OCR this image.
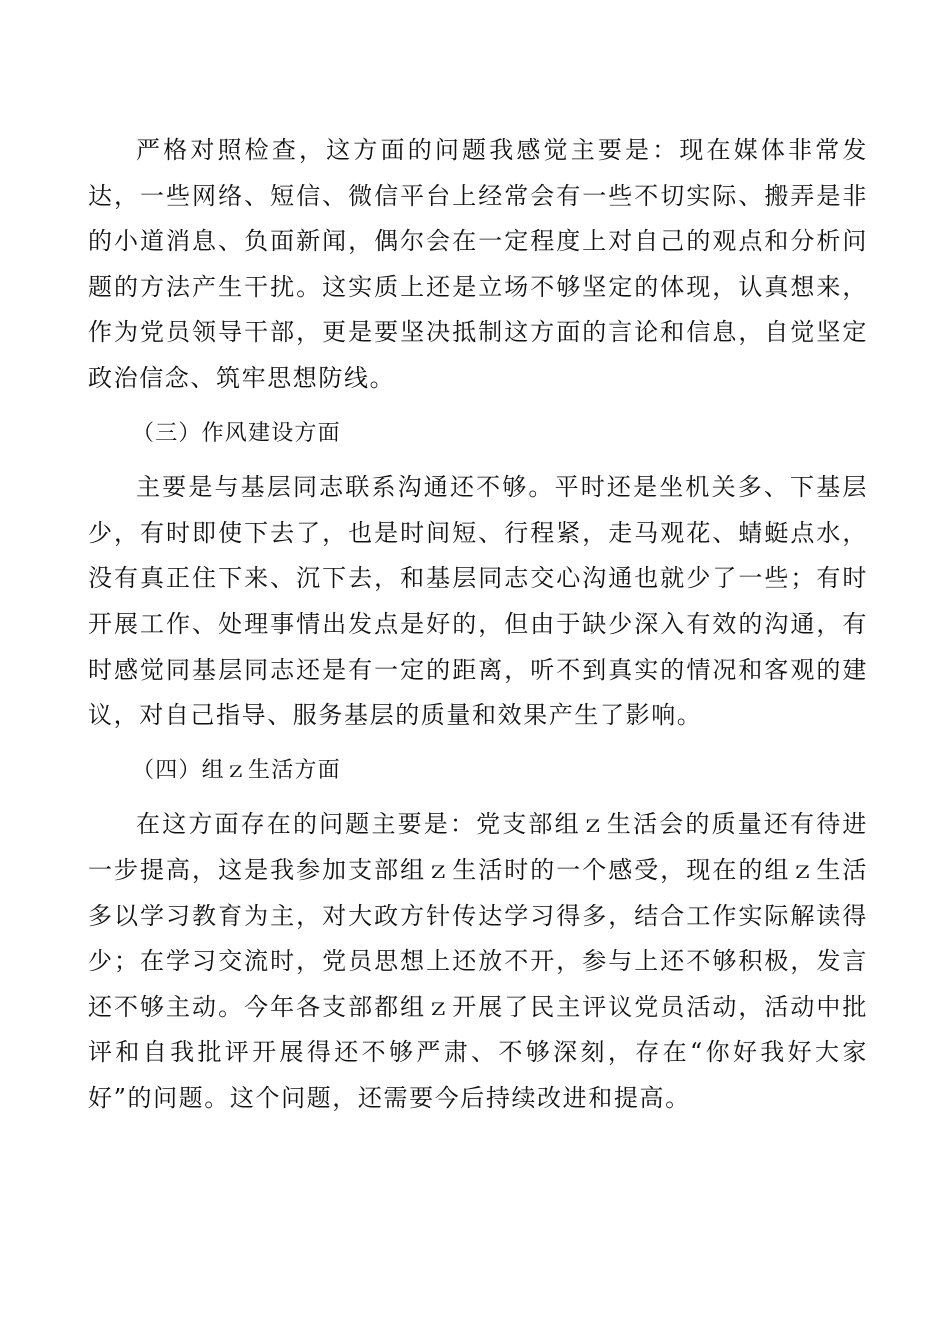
严格对照检查，这方面的问题我感觉主要是：现在媒体非常发达，一些网络、短信、微信平台上经常会有一些不切实际、搬弄是非的小道消息、负面新闻，偶尔会在一定程度上对自己的观点和分析问题的方法产生干扰。这实质上还是立场不够坚定的体现，认真想来，作为党员领导干部，更是要坚决抵制这方面的言论和信息，自觉坚定政治信念、筑牢思想防线。

（三）作风建设方面

主要是与基层同志联系沟通还不够。平时还是坐机关多、下基层少，有时即使下去了，也是时间短、行程紧，走马观花、蜻蜓点水，没有真正住下来、沉下去，和基层同志交心沟通也就少了一些；有时开展工作、处理事情出发点是好的，但由于缺少深入有效的沟通，有时感觉同基层同志还是有一定的距离，听不到真实的情况和客观的建议，对自己指导、服务基层的质量和效果产生了影响。

（四）组ｚ生活方面

在这方面存在的问题主要是：党支部组ｚ生活会的质量还有待进一步提高，这是我参加支部组ｚ生活时的一个感受，现在的组ｚ生活多以学习教育为主，对大政方针传达学习得多，结合工作实际解读得少；在学习交流时，党员思想上还放不开，参与上还不够积极，发言还不够主动。今年各支部都组ｚ开展了民主评议党员活动，活动中批评和自我批评开展得还不够严肃、不够深刻，存在“你好我好大家好”的问题。这个问题，还需要今后持续改进和提高。
